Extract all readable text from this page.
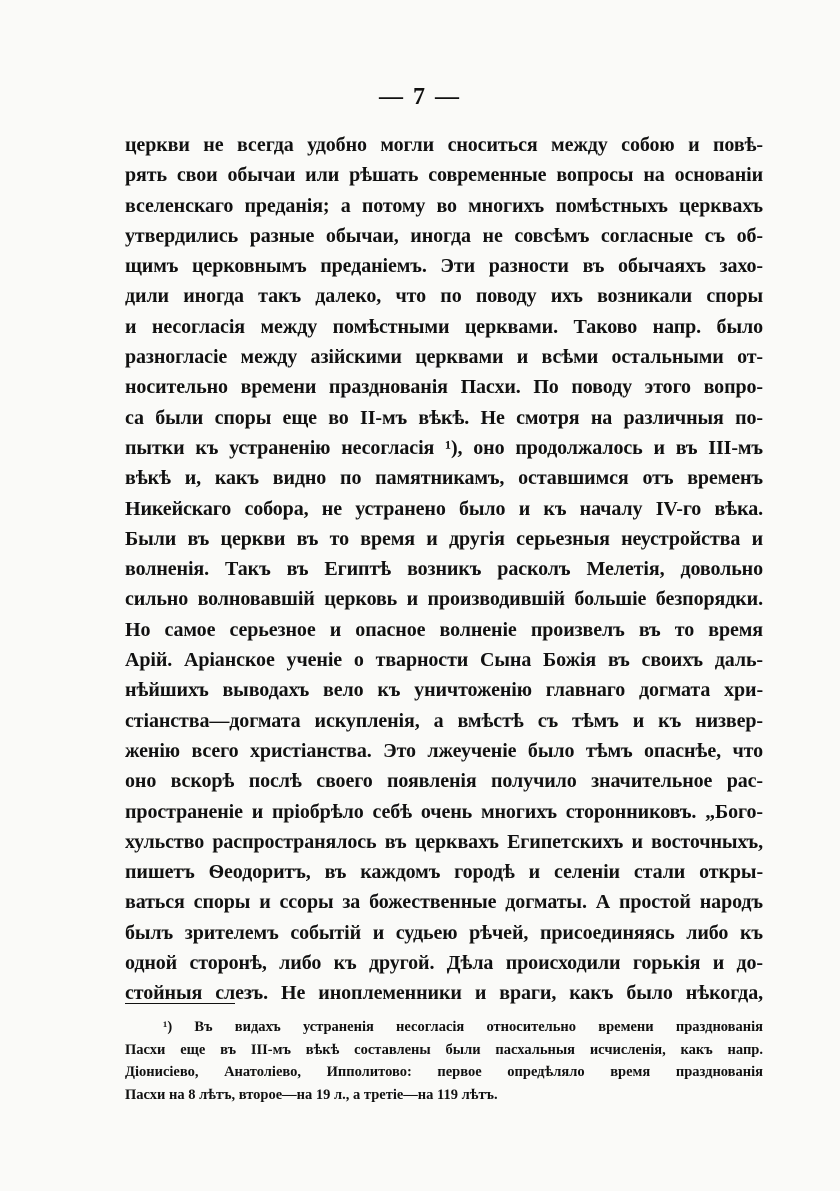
— 7 —
церкви не всегда удобно могли сноситься между собою и повѣ-
рять свои обычаи или рѣшать современные вопросы на основаніи
вселенскаго преданія; а потому во многихъ помѣстныхъ церквахъ
утвердились разные обычаи, иногда не совсѣмъ согласные съ об-
щимъ церковнымъ преданіемъ. Эти разности въ обычаяхъ захо-
дили иногда такъ далеко, что по поводу ихъ возникали споры
и несогласія между помѣстными церквами. Таково напр. было
разногласіе между азійскими церквами и всѣми остальными от-
носительно времени празднованія Пасхи. По поводу этого вопро-
са были споры еще во II-мъ вѣкѣ. Не смотря на различныя по-
пытки къ устраненію несогласія ¹), оно продолжалось и въ III-мъ
вѣкѣ и, какъ видно по памятникамъ, оставшимся отъ временъ
Никейскаго собора, не устранено было и къ началу IV-го вѣка.
Были въ церкви въ то время и другія серьезныя неустройства и
волненія. Такъ въ Египтѣ возникъ расколъ Мелетія, довольно
сильно волновавшій церковь и производившій большіе безпорядки.
Но самое серьезное и опасное волненіе произвелъ въ то время
Арій. Аріанское ученіе о тварности Сына Божія въ своихъ даль-
нѣйшихъ выводахъ вело къ уничтоженію главнаго догмата хри-
стіанства—догмата искупленія, а вмѣстѣ съ тѣмъ и къ низвер-
женію всего христіанства. Это лжеученіе было тѣмъ опаснѣе, что
оно вскорѣ послѣ своего появленія получило значительное рас-
пространеніе и пріобрѣло себѣ очень многихъ сторонниковъ. „Бого-
хульство распространялось въ церквахъ Египетскихъ и восточныхъ,
пишетъ Ѳеодоритъ, въ каждомъ городѣ и селеніи стали откры-
ваться споры и ссоры за божественные догматы. А простой народъ
былъ зрителемъ событій и судьею рѣчей, присоединяясь либо къ
одной сторонѣ, либо къ другой. Дѣла происходили горькія и до-
стойныя слезъ. Не иноплеменники и враги, какъ было нѣкогда,
¹) Въ видахъ устраненія несогласія относительно времени празднованія
Пасхи еще въ III-мъ вѣкѣ составлены были пасхальныя исчисленія, какъ напр.
Діонисіево, Анатоліево, Ипполитово: первое опредѣляло время празднованія
Пасхи на 8 лѣтъ, второе—на 19 л., а третіе—на 119 лѣтъ.
